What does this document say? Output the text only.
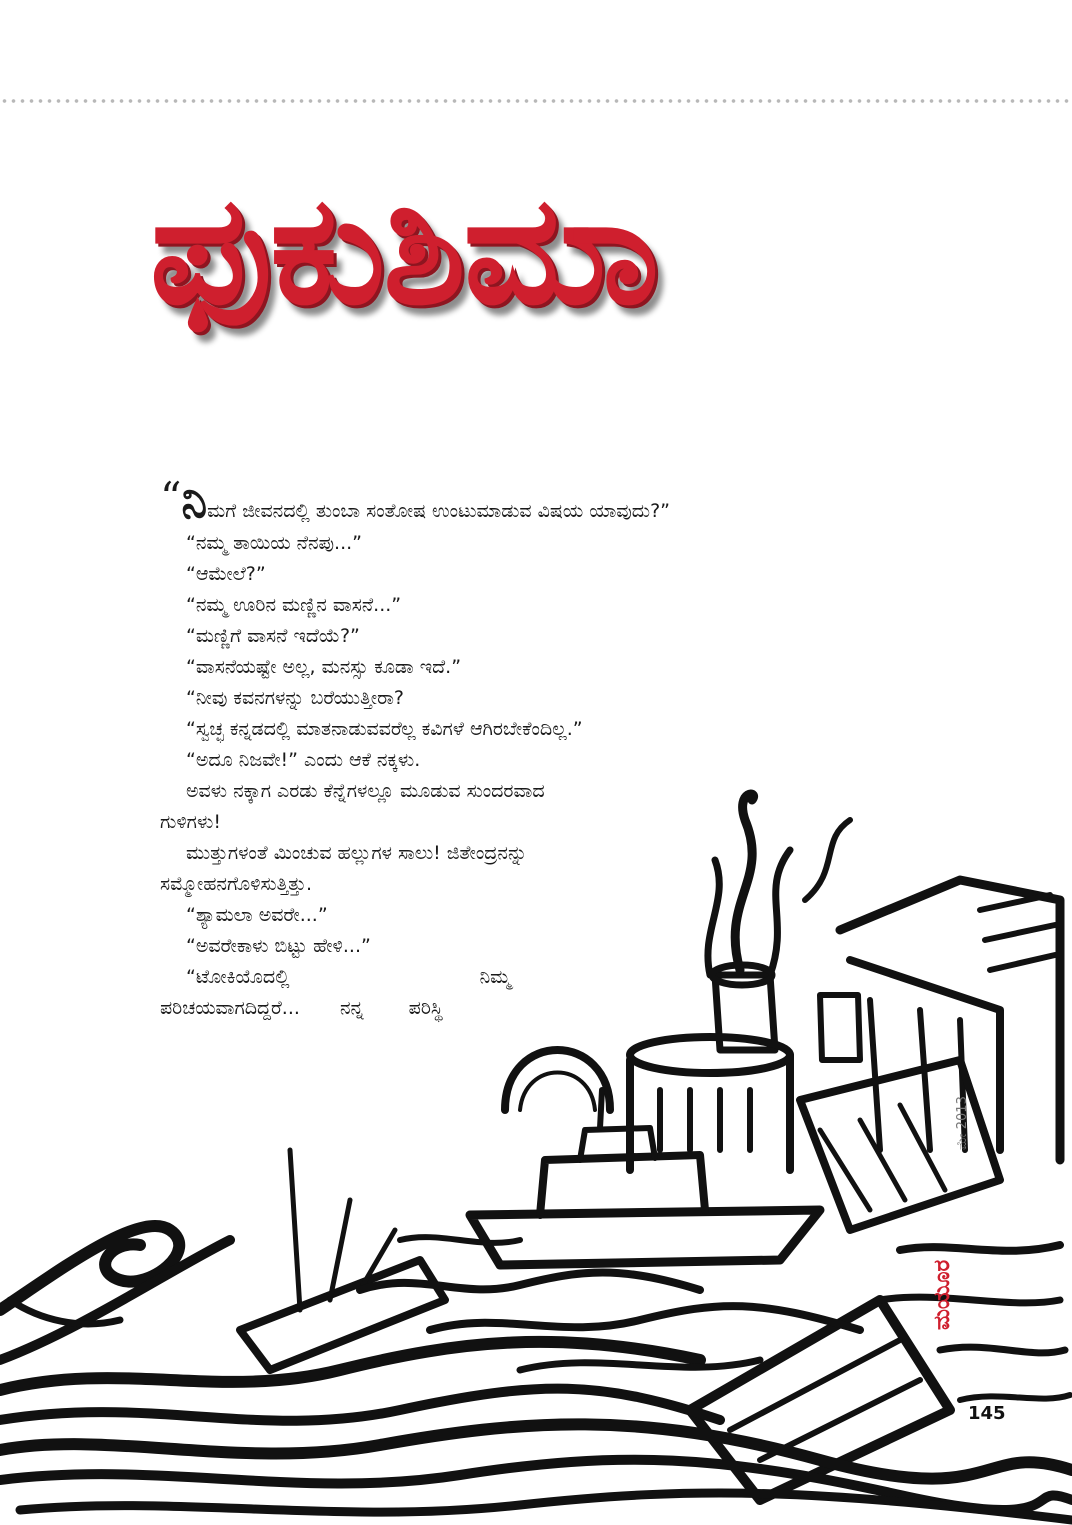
ಫುಕುಶಿಮಾ
“ನಿಮಗೆ ಜೀವನದಲ್ಲಿ ತುಂಬಾ ಸಂತೋಷ ಉಂಟುಮಾಡುವ ವಿಷಯ ಯಾವುದು?”
“ನಮ್ಮ ತಾಯಿಯ ನೆನಪು...”
“ಆಮೇಲೆ?”
“ನಮ್ಮ ಊರಿನ ಮಣ್ಣಿನ ವಾಸನೆ...”
“ಮಣ್ಣಿಗೆ ವಾಸನೆ ಇದೆಯೆ?”
“ವಾಸನೆಯಷ್ಟೇ ಅಲ್ಲ, ಮನಸ್ಸು ಕೂಡಾ ಇದೆ.”
“ನೀವು ಕವನಗಳನ್ನು ಬರೆಯುತ್ತೀರಾ?
“ಸ್ವಚ್ಛ ಕನ್ನಡದಲ್ಲಿ ಮಾತನಾಡುವವರೆಲ್ಲ ಕವಿಗಳೆ ಆಗಿರಬೇಕೆಂದಿಲ್ಲ.”
“ಅದೂ ನಿಜವೇ!” ಎಂದು ಆಕೆ ನಕ್ಕಳು.
ಅವಳು ನಕ್ಕಾಗ ಎರಡು ಕೆನ್ನೆಗಳಲ್ಲೂ ಮೂಡುವ ಸುಂದರವಾದ
ಗುಳಿಗಳು!
ಮುತ್ತುಗಳಂತೆ ಮಿಂಚುವ ಹಲ್ಲುಗಳ ಸಾಲು! ಜಿತೇಂದ್ರನನ್ನು
ಸಮ್ಮೋಹನಗೊಳಿಸುತ್ತಿತ್ತು.
“ಶ್ಯಾಮಲಾ ಅವರೇ...”
“ಅವರೇಕಾಳು ಬಿಟ್ಟು ಹೇಳಿ...”
“ಟೋಕಿಯೊದಲ್ಲಿ	ನಿಮ್ಮ
ಪರಿಚಯವಾಗದಿದ್ದರೆ... ನನ್ನ ಪರಿಸ್ಥಿ
ಮೇ 2013
ಮಯೂರ
145
